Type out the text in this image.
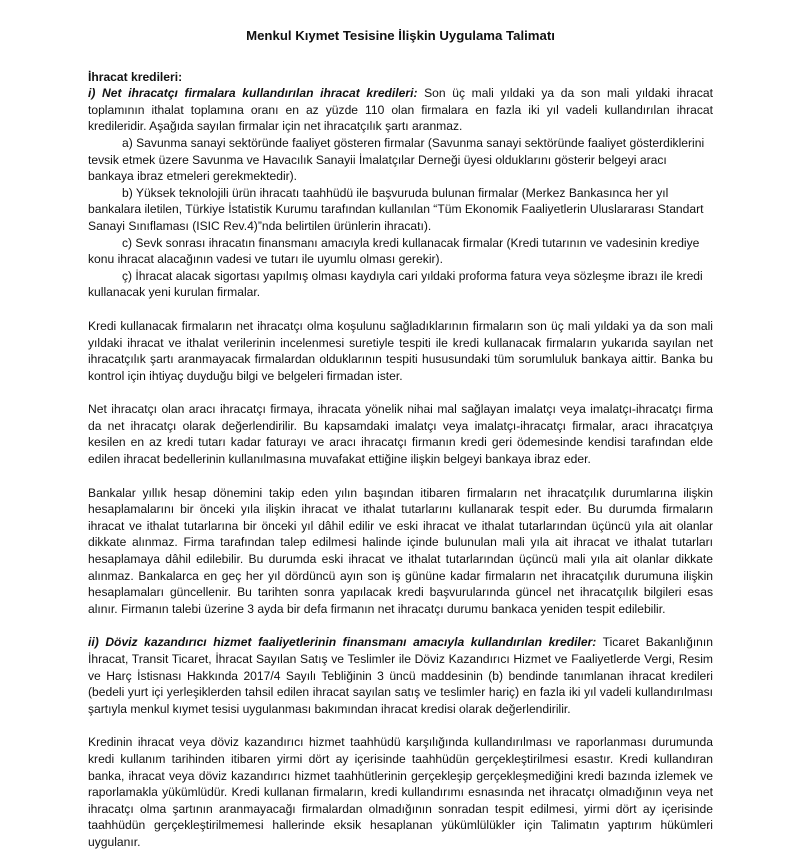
Menkul Kıymet Tesisine İlişkin Uygulama Talimatı

İhracat kredileri:

i) Net ihracatçı firmalara kullandırılan ihracat kredileri: Son üç mali yıldaki ya da son mali yıldaki ihracat toplamının ithalat toplamına oranı en az yüzde 110 olan firmalara en fazla iki yıl vadeli kullandırılan ihracat kredileridir. Aşağıda sayılan firmalar için net ihracatçılık şartı aranmaz.

a) Savunma sanayi sektöründe faaliyet gösteren firmalar (Savunma sanayi sektöründe faaliyet gösterdiklerini tevsik etmek üzere Savunma ve Havacılık Sanayii İmalatçılar Derneği üyesi olduklarını gösterir belgeyi aracı bankaya ibraz etmeleri gerekmektedir).

b) Yüksek teknolojili ürün ihracatı taahhüdü ile başvuruda bulunan firmalar (Merkez Bankasınca her yıl bankalara iletilen, Türkiye İstatistik Kurumu tarafından kullanılan “Tüm Ekonomik Faaliyetlerin Uluslararası Standart Sanayi Sınıflaması (ISIC Rev.4)”nda belirtilen ürünlerin ihracatı).

c) Sevk sonrası ihracatın finansmanı amacıyla kredi kullanacak firmalar (Kredi tutarının ve vadesinin krediye konu ihracat alacağının vadesi ve tutarı ile uyumlu olması gerekir).

ç) İhracat alacak sigortası yapılmış olması kaydıyla cari yıldaki proforma fatura veya sözleşme ibrazı ile kredi kullanacak yeni kurulan firmalar.

Kredi kullanacak firmaların net ihracatçı olma koşulunu sağladıklarının firmaların son üç mali yıldaki ya da son mali yıldaki ihracat ve ithalat verilerinin incelenmesi suretiyle tespiti ile kredi kullanacak firmaların yukarıda sayılan net ihracatçılık şartı aranmayacak firmalardan olduklarının tespiti hususundaki tüm sorumluluk bankaya aittir. Banka bu kontrol için ihtiyaç duyduğu bilgi ve belgeleri firmadan ister.

Net ihracatçı olan aracı ihracatçı firmaya, ihracata yönelik nihai mal sağlayan imalatçı veya imalatçı-ihracatçı firma da net ihracatçı olarak değerlendirilir. Bu kapsamdaki imalatçı veya imalatçı-ihracatçı firmalar, aracı ihracatçıya kesilen en az kredi tutarı kadar faturayı ve aracı ihracatçı firmanın kredi geri ödemesinde kendisi tarafından elde edilen ihracat bedellerinin kullanılmasına muvafakat ettiğine ilişkin belgeyi bankaya ibraz eder.

Bankalar yıllık hesap dönemini takip eden yılın başından itibaren firmaların net ihracatçılık durumlarına ilişkin hesaplamalarını bir önceki yıla ilişkin ihracat ve ithalat tutarlarını kullanarak tespit eder. Bu durumda firmaların ihracat ve ithalat tutarlarına bir önceki yıl dâhil edilir ve eski ihracat ve ithalat tutarlarından üçüncü yıla ait olanlar dikkate alınmaz. Firma tarafından talep edilmesi halinde içinde bulunulan mali yıla ait ihracat ve ithalat tutarları hesaplamaya dâhil edilebilir. Bu durumda eski ihracat ve ithalat tutarlarından üçüncü mali yıla ait olanlar dikkate alınmaz. Bankalarca en geç her yıl dördüncü ayın son iş gününe kadar firmaların net ihracatçılık durumuna ilişkin hesaplamaları güncellenir. Bu tarihten sonra yapılacak kredi başvurularında güncel net ihracatçılık bilgileri esas alınır. Firmanın talebi üzerine 3 ayda bir defa firmanın net ihracatçı durumu bankaca yeniden tespit edilebilir.

ii) Döviz kazandırıcı hizmet faaliyetlerinin finansmanı amacıyla kullandırılan krediler: Ticaret Bakanlığının İhracat, Transit Ticaret, İhracat Sayılan Satış ve Teslimler ile Döviz Kazandırıcı Hizmet ve Faaliyetlerde Vergi, Resim ve Harç İstisnası Hakkında 2017/4 Sayılı Tebliğinin 3 üncü maddesinin (b) bendinde tanımlanan ihracat kredileri (bedeli yurt içi yerleşiklerden tahsil edilen ihracat sayılan satış ve teslimler hariç) en fazla iki yıl vadeli kullandırılması şartıyla menkul kıymet tesisi uygulanması bakımından ihracat kredisi olarak değerlendirilir.

Kredinin ihracat veya döviz kazandırıcı hizmet taahhüdü karşılığında kullandırılması ve raporlanması durumunda kredi kullanım tarihinden itibaren yirmi dört ay içerisinde taahhüdün gerçekleştirilmesi esastır. Kredi kullandıran banka, ihracat veya döviz kazandırıcı hizmet taahhütlerinin gerçekleşip gerçekleşmediğini kredi bazında izlemek ve raporlamakla yükümlüdür. Kredi kullanan firmaların, kredi kullandırımı esnasında net ihracatçı olmadığının veya net ihracatçı olma şartının aranmayacağı firmalardan olmadığının sonradan tespit edilmesi, yirmi dört ay içerisinde taahhüdün gerçekleştirilmemesi hallerinde eksik hesaplanan yükümlülükler için Talimatın yaptırım hükümleri uygulanır.
